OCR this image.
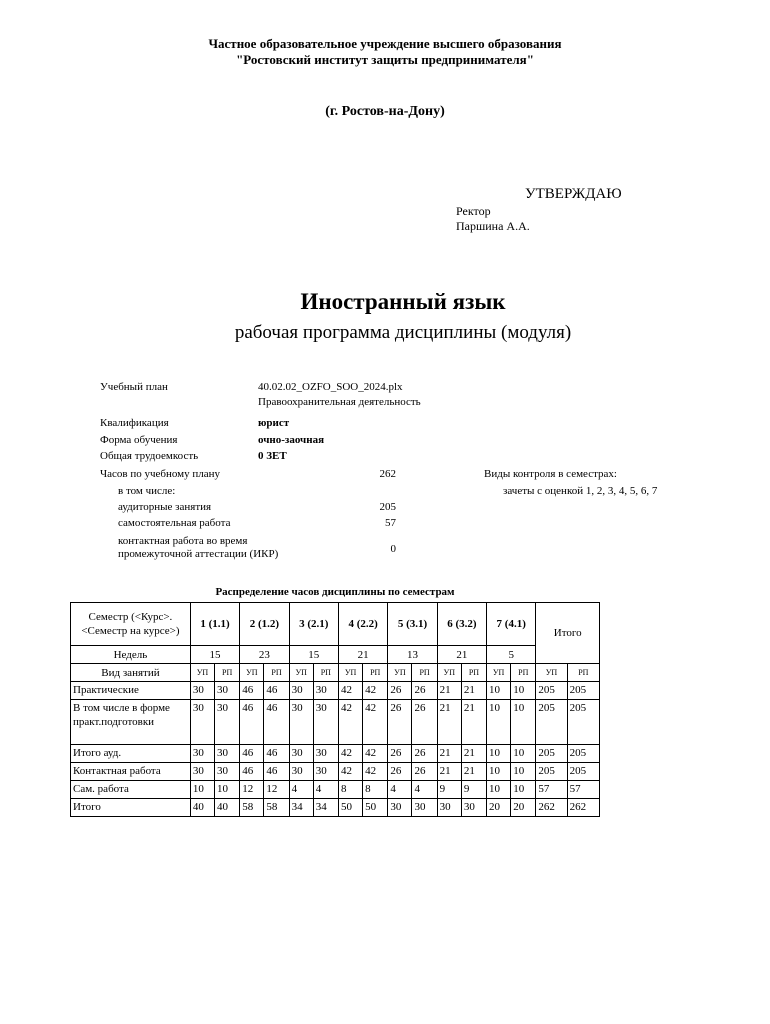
Частное образовательное учреждение высшего образования
"Ростовский институт защиты предпринимателя"
(г. Ростов-на-Дону)
УТВЕРЖДАЮ
Ректор
Паршина А.А.
Иностранный язык
рабочая программа дисциплины (модуля)
Учебный план	40.02.02_OZFO_SOO_2024.plx
Правоохранительная деятельность
Квалификация	юрист
Форма обучения	очно-заочная
Общая трудоемкость	0 ЗЕТ
Часов по учебному плану	262
в том числе:
аудиторные занятия	205
самостоятельная работа	57
контактная работа во время
промежуточной аттестации (ИКР)	0
Виды контроля в семестрах:
зачеты с оценкой 1, 2, 3, 4, 5, 6, 7
Распределение часов дисциплины по семестрам
Семестр (<Курс>.<Семестр на курсе>)	1 (1.1)		2 (1.2)		3 (2.1)		4 (2.2)		5 (3.1)		6 (3.2)		7 (4.1)		Итого	
Недель	15		23		15		21		13		21		5			
Вид занятий	УП	РП	УП	РП	УП	РП	УП	РП	УП	РП	УП	РП	УП	РП	УП	РП
Практические	30	30	46	46	30	30	42	42	26	26	21	21	10	10	205	205
В том числе в форме практ.подготовки	30	30	46	46	30	30	42	42	26	26	21	21	10	10	205	205
Итого ауд.	30	30	46	46	30	30	42	42	26	26	21	21	10	10	205	205
Контактная работа	30	30	46	46	30	30	42	42	26	26	21	21	10	10	205	205
Сам. работа	10	10	12	12	4	4	8	8	4	4	9	9	10	10	57	57
Итого	40	40	58	58	34	34	50	50	30	30	30	30	20	20	262	262
